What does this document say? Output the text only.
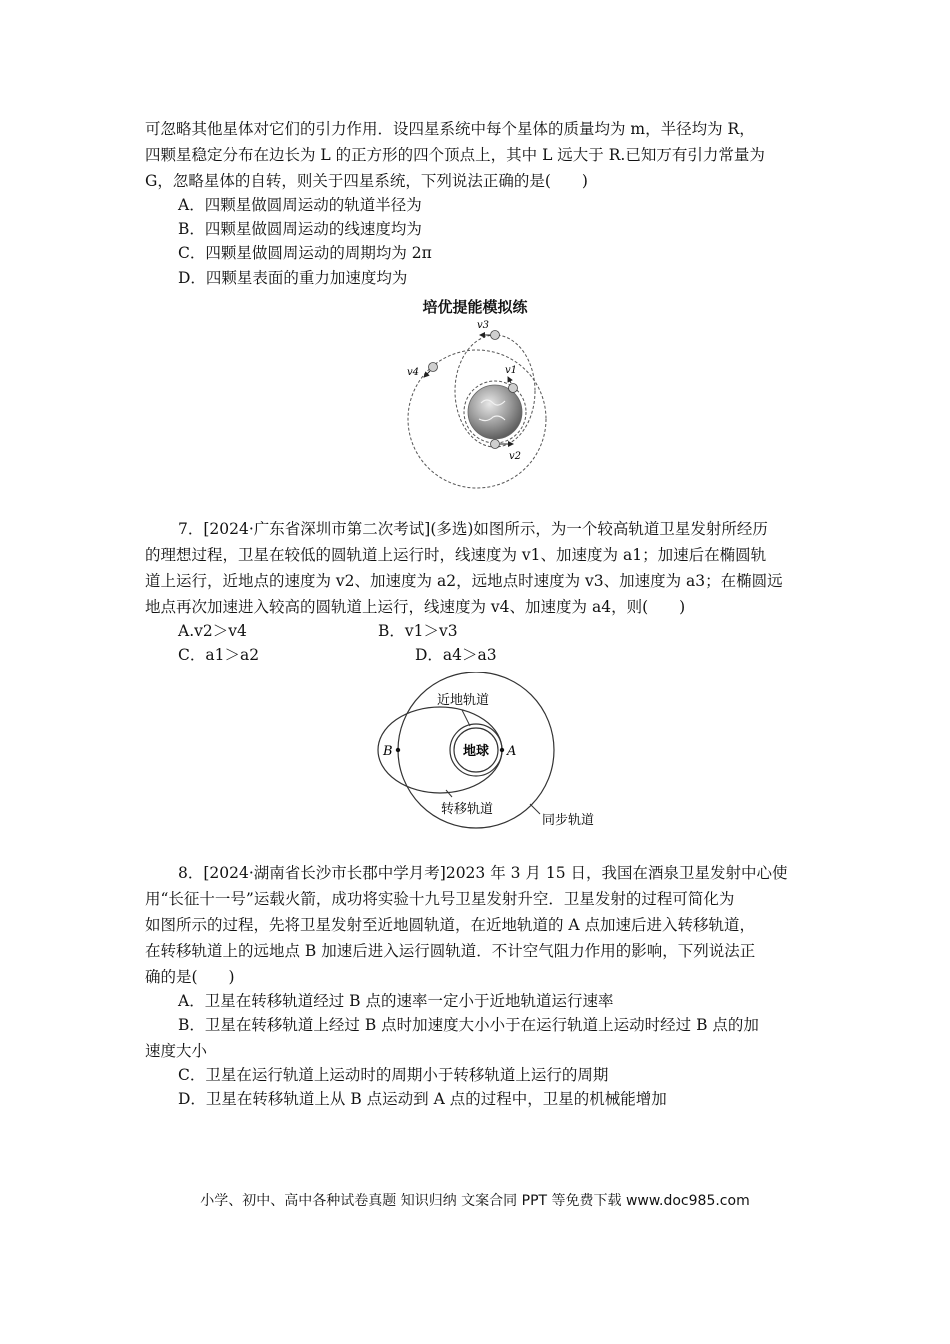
可忽略其他星体对它们的引力作用．设四星系统中每个星体的质量均为 m，半径均为 R，
四颗星稳定分布在边长为 L 的正方形的四个顶点上，其中 L 远大于 R.已知万有引力常量为
G，忽略星体的自转，则关于四星系统，下列说法正确的是(　　)
A．四颗星做圆周运动的轨道半径为
B．四颗星做圆周运动的线速度均为
C．四颗星做圆周运动的周期均为 2π
D．四颗星表面的重力加速度均为
培优提能模拟练
v3
v1
v2
v4
7．[2024·广东省深圳市第二次考试](多选)如图所示，为一个较高轨道卫星发射所经历
的理想过程，卫星在较低的圆轨道上运行时，线速度为 v1、加速度为 a1；加速后在椭圆轨
道上运行，近地点的速度为 v2、加速度为 a2，远地点时速度为 v3、加速度为 a3；在椭圆远
地点再次加速进入较高的圆轨道上运行，线速度为 v4、加速度为 a4，则(　　)
A.v2＞v4	B．v1＞v3
C．a1＞a2	D．a4＞a3
地球 A
B
近地轨道
转移轨道
同步轨道
8．[2024·湖南省长沙市长郡中学月考]2023 年 3 月 15 日，我国在酒泉卫星发射中心使
用“长征十一号”运载火箭，成功将实验十九号卫星发射升空．卫星发射的过程可简化为
如图所示的过程，先将卫星发射至近地圆轨道，在近地轨道的 A 点加速后进入转移轨道，
在转移轨道上的远地点 B 加速后进入运行圆轨道．不计空气阻力作用的影响，下列说法正
确的是(　　)
A．卫星在转移轨道经过 B 点的速率一定小于近地轨道运行速率
B．卫星在转移轨道上经过 B 点时加速度大小小于在运行轨道上运动时经过 B 点的加
速度大小
C．卫星在运行轨道上运动时的周期小于转移轨道上运行的周期
D．卫星在转移轨道上从 B 点运动到 A 点的过程中，卫星的机械能增加
小学、初中、高中各种试卷真题 知识归纳 文案合同 PPT 等免费下载 www.doc985.com
